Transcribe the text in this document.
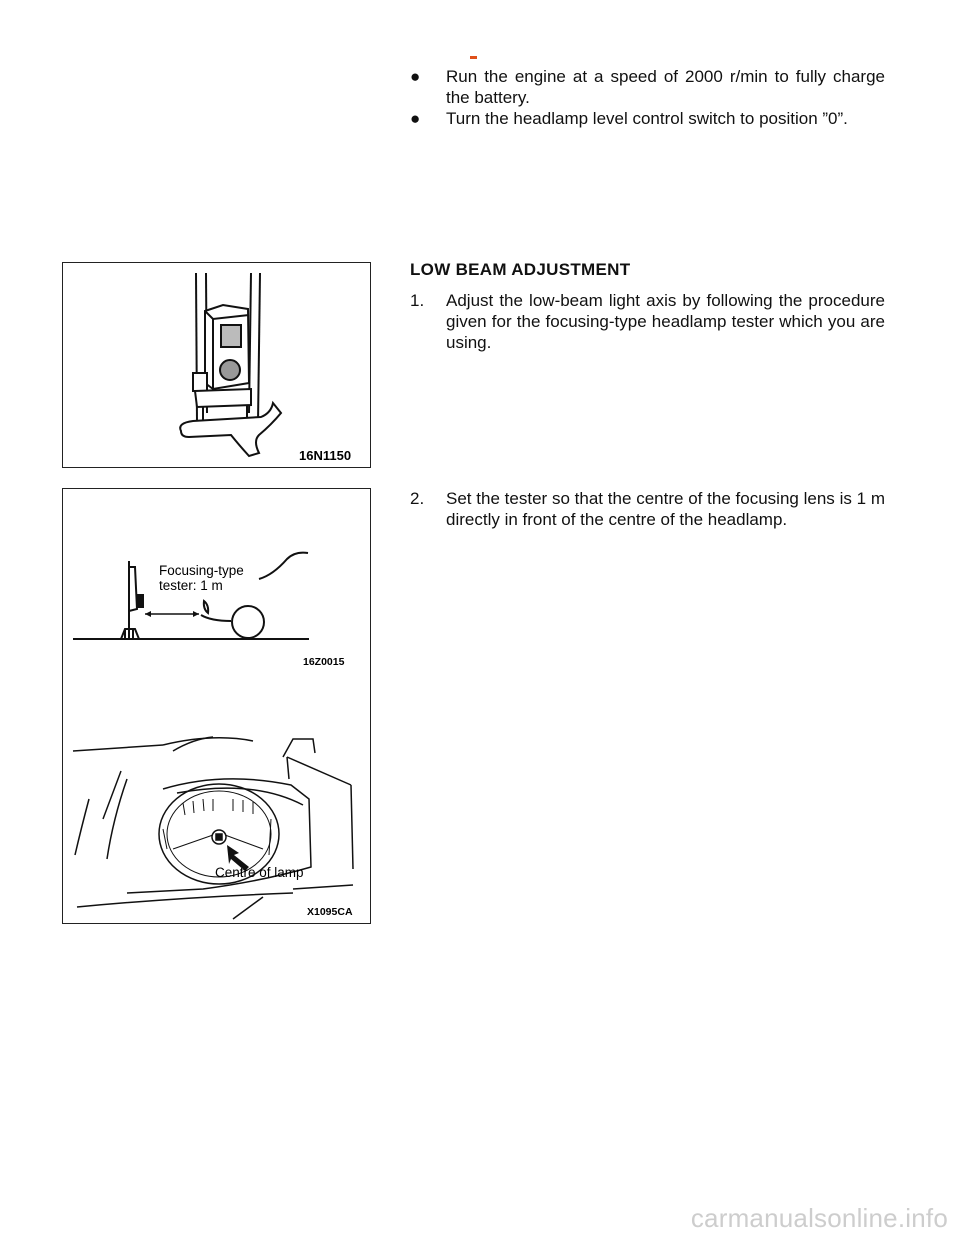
●	Run the engine at a speed of 2000 r/min to fully charge the battery.
●	Turn the headlamp level control switch to position ”0”.
LOW BEAM ADJUSTMENT
1. Adjust the low-beam light axis by following the procedure given for the focusing-type headlamp tester which you are using.
2. Set the tester so that the centre of the focusing lens is 1 m directly in front of the centre of the headlamp.
16N1150
Focusing-type
tester: 1 m
16Z0015
Centre of lamp
X1095CA
carmanualsonline.info
